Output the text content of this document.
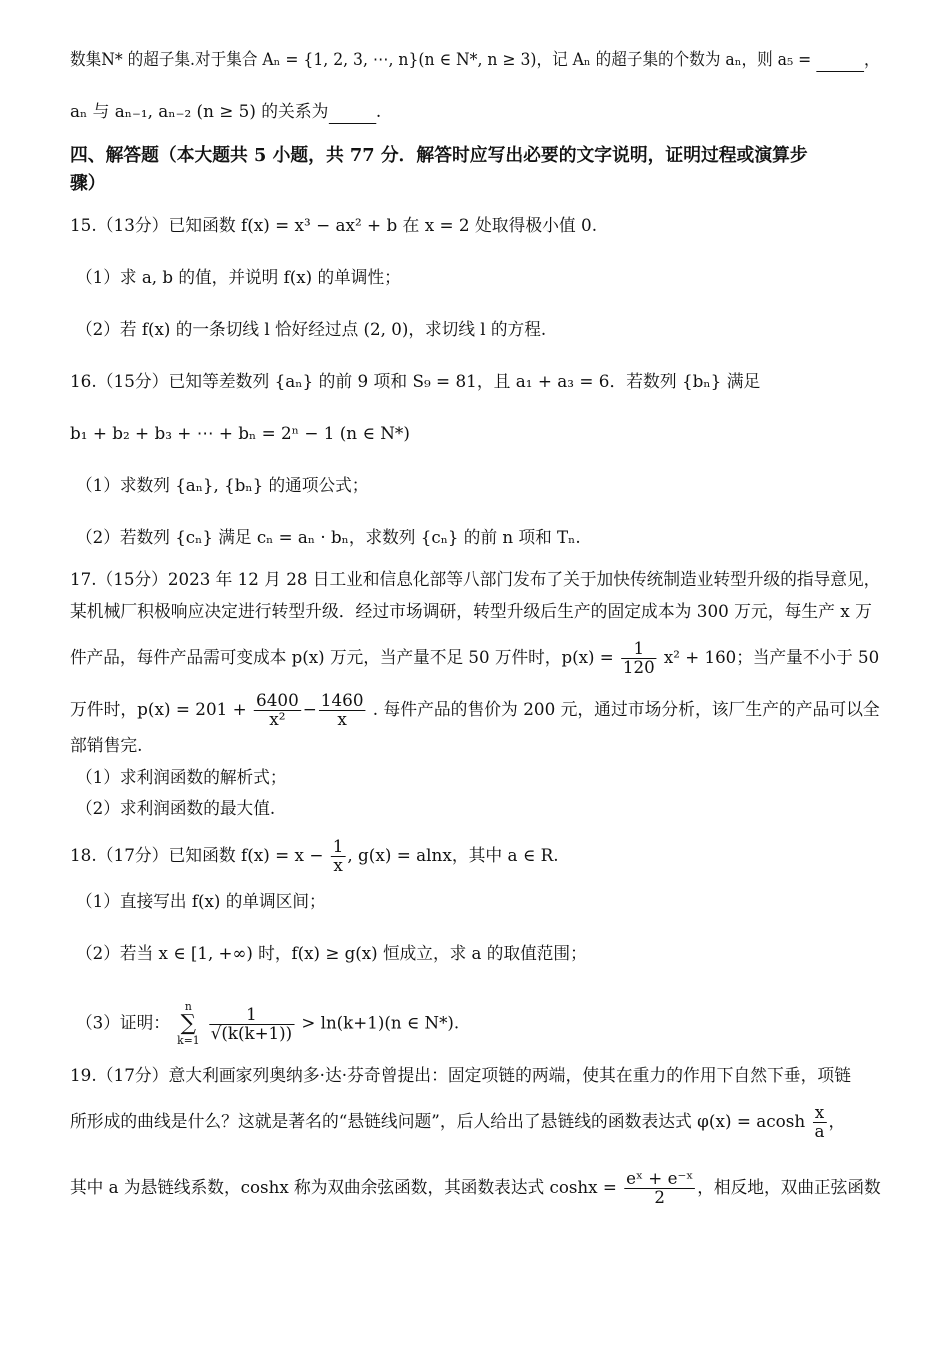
数集N* 的超子集.对于集合 Aₙ = {1, 2, 3, ⋯, n}(n ∈ N*, n ≥ 3)，记 Aₙ 的超子集的个数为 aₙ，则 a₅ =	，
aₙ 与 aₙ₋₁, aₙ₋₂ (n ≥ 5) 的关系为	.
四、解答题（本大题共 5 小题，共 77 分．解答时应写出必要的文字说明，证明过程或演算步
骤）
15.（13分）已知函数 f(x) = x³ − ax² + b 在 x = 2 处取得极小值 0.
（1）求 a, b 的值，并说明 f(x) 的单调性；
（2）若 f(x) 的一条切线 l 恰好经过点 (2, 0)，求切线 l 的方程.
16.（15分）已知等差数列 {aₙ} 的前 9 项和 S₉ = 81，且 a₁ + a₃ = 6．若数列 {bₙ} 满足
b₁ + b₂ + b₃ + ⋯ + bₙ = 2ⁿ − 1 (n ∈ N*)
（1）求数列 {aₙ}, {bₙ} 的通项公式；
（2）若数列 {cₙ} 满足 cₙ = aₙ · bₙ，求数列 {cₙ} 的前 n 项和 Tₙ.
17.（15分）2023 年 12 月 28 日工业和信息化部等八部门发布了关于加快传统制造业转型升级的指导意见，
某机械厂积极响应决定进行转型升级．经过市场调研，转型升级后生产的固定成本为 300 万元，每生产 x 万
件产品，每件产品需可变成本 p(x) 万元，当产量不足 50 万件时，$p(x) = \frac{1}{120} x^2 + 160$；当产量不小于 50
万件时，$p(x) = 201 + \frac{6400}{\text{x²}} - \frac{1460}{x}$ . 每件产品的售价为 200 元，通过市场分析，该厂生产的产品可以全
部销售完.
（1）求利润函数的解析式；
（2）求利润函数的最大值.
18.（17分）已知函数 $f(x) = x - \frac{1}{x}$ , g(x) = alnx，其中 a ∈ R.
（1）直接写出 f(x) 的单调区间；
（2）若当 x ∈ [1, +∞) 时，f(x) ≥ g(x) 恒成立，求 a 的取值范围；
（3）证明：
n
∑
k=1
$\frac{1}{√(k(k+1))} > \ln(k+1)(n$ ∈ N*).
19.（17分）意大利画家列奥纳多·达·芬奇曾提出：固定项链的两端，使其在重力的作用下自然下垂，项链
所形成的曲线是什么？这就是著名的“悬链线问题”，后人给出了悬链线的函数表达式 φ(x) = acosh $\frac{x}{a}$ ，
其中 a 为悬链线系数，coshx 称为双曲余弦函数，其函数表达式 $\cosh x = \frac{\text{eˣ + e⁻ˣ}}{2}$ ，相反地，双曲正弦函数
